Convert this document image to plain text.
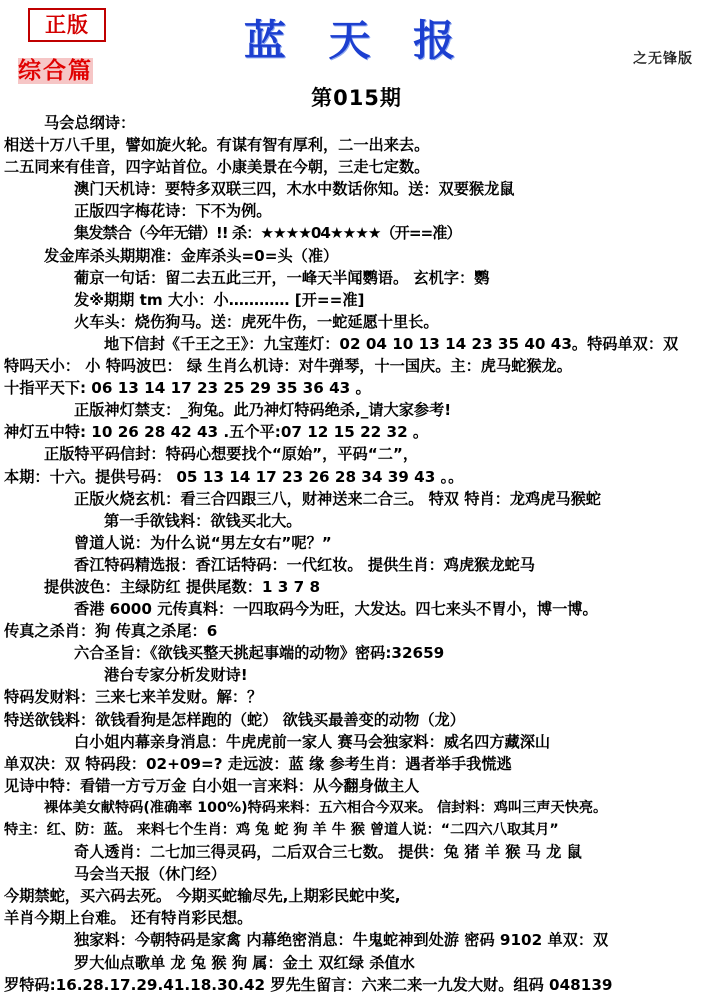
正版
综合篇
蓝 天 报	之无锋版
第015期
马会总纲诗：
相送十万八千里，譬如旋火轮。有谋有智有厚利，二一出来去。
二五同来有佳音，四字站首位。小康美景在今朝，三走七定数。
澳门天机诗：要特多双联三四，木水中数话你知。送：双要猴龙鼠
正版四字梅花诗：下不为例。
集发禁合（今年无错）!! 杀：★★★★04★★★★（开==准）
发金库杀头期期准：金库杀头=0=头（准）
葡京一句话：留二去五此三开，一峰天半闻鹦语。 玄机字：鹦
发※期期 tm 大小：小………… [开==准]
火车头：烧伤狗马。送：虎死牛伤，一蛇延愿十里长。
地下信封《千王之王》：九宝莲灯：02 04 10 13 14 23 35 40 43。特码单双：双
特吗天小： 小 特吗波巴： 绿 生肖么机诗：对牛弹琴，十一国庆。主：虎马蛇猴龙。
十指平天下: 06 13 14 17 23 25 29 35 36 43 。
正版神灯禁支：_狗兔。此乃神灯特码绝杀,_请大家参考!
神灯五中特: 10 26 28 42 43 .五个平:07 12 15 22 32 。
正版特平码信封：特码心想要找个“原始”，平码“二”，
本期：十六。提供号码： 05 13 14 17 23 26 28 34 39 43 。。
正版火烧玄机：看三合四跟三八，财神送来二合三。 特双 特肖：龙鸡虎马猴蛇
第一手欲钱料：欲钱买北大。
曾道人说：为什么说“男左女右”呢？”
香江特码精选报：香江话特码：一代红妆。 提供生肖：鸡虎猴龙蛇马
提供波色：主绿防红 提供尾数：1 3 7 8
香港 6000 元传真料：一四取码今为旺，大发达。四七来头不胃小，博一博。
传真之杀肖：狗 传真之杀尾：6
六合圣旨：《欲钱买整天挑起事端的动物》密码:32659
港台专家分析发财诗!
特码发财料：三来七来羊发财。解：？
特送欲钱料：欲钱看狗是怎样跑的（蛇） 欲钱买最善变的动物（龙）
白小姐内幕亲身消息：牛虎虎前一家人 赛马会独家料：威名四方藏深山
单双决：双 特码段：02+09=? 走远波：蓝 缘 参考生肖：遇者举手我慌逃
见诗中特：看错一方亏万金 白小姐一言来料：从今翻身做主人
裸体美女献特码(准确率 100%)特码来料：五六相合今双来。 信封料：鸡叫三声天快亮。
特主：红、防：蓝。 来料七个生肖：鸡 兔 蛇 狗 羊 牛 猴 曾道人说：“二四六八取其月”
奇人透肖：二七加三得灵码，二后双合三七数。 提供：兔 猪 羊 猴 马 龙 鼠
马会当天报（休门经）
今期禁蛇，买六码去死。 今期买蛇输尽先,上期彩民蛇中奖,
羊肖今期上台难。 还有特肖彩民想。
独家料：今朝特码是家禽 内幕绝密消息：牛鬼蛇神到处游 密码 9102 单双：双
罗大仙点歌单 龙 兔 猴 狗 属：金土 双红绿 杀值水
罗特码:16.28.17.29.41.18.30.42 罗先生留言：六来二来一九发大财。组码 048139
